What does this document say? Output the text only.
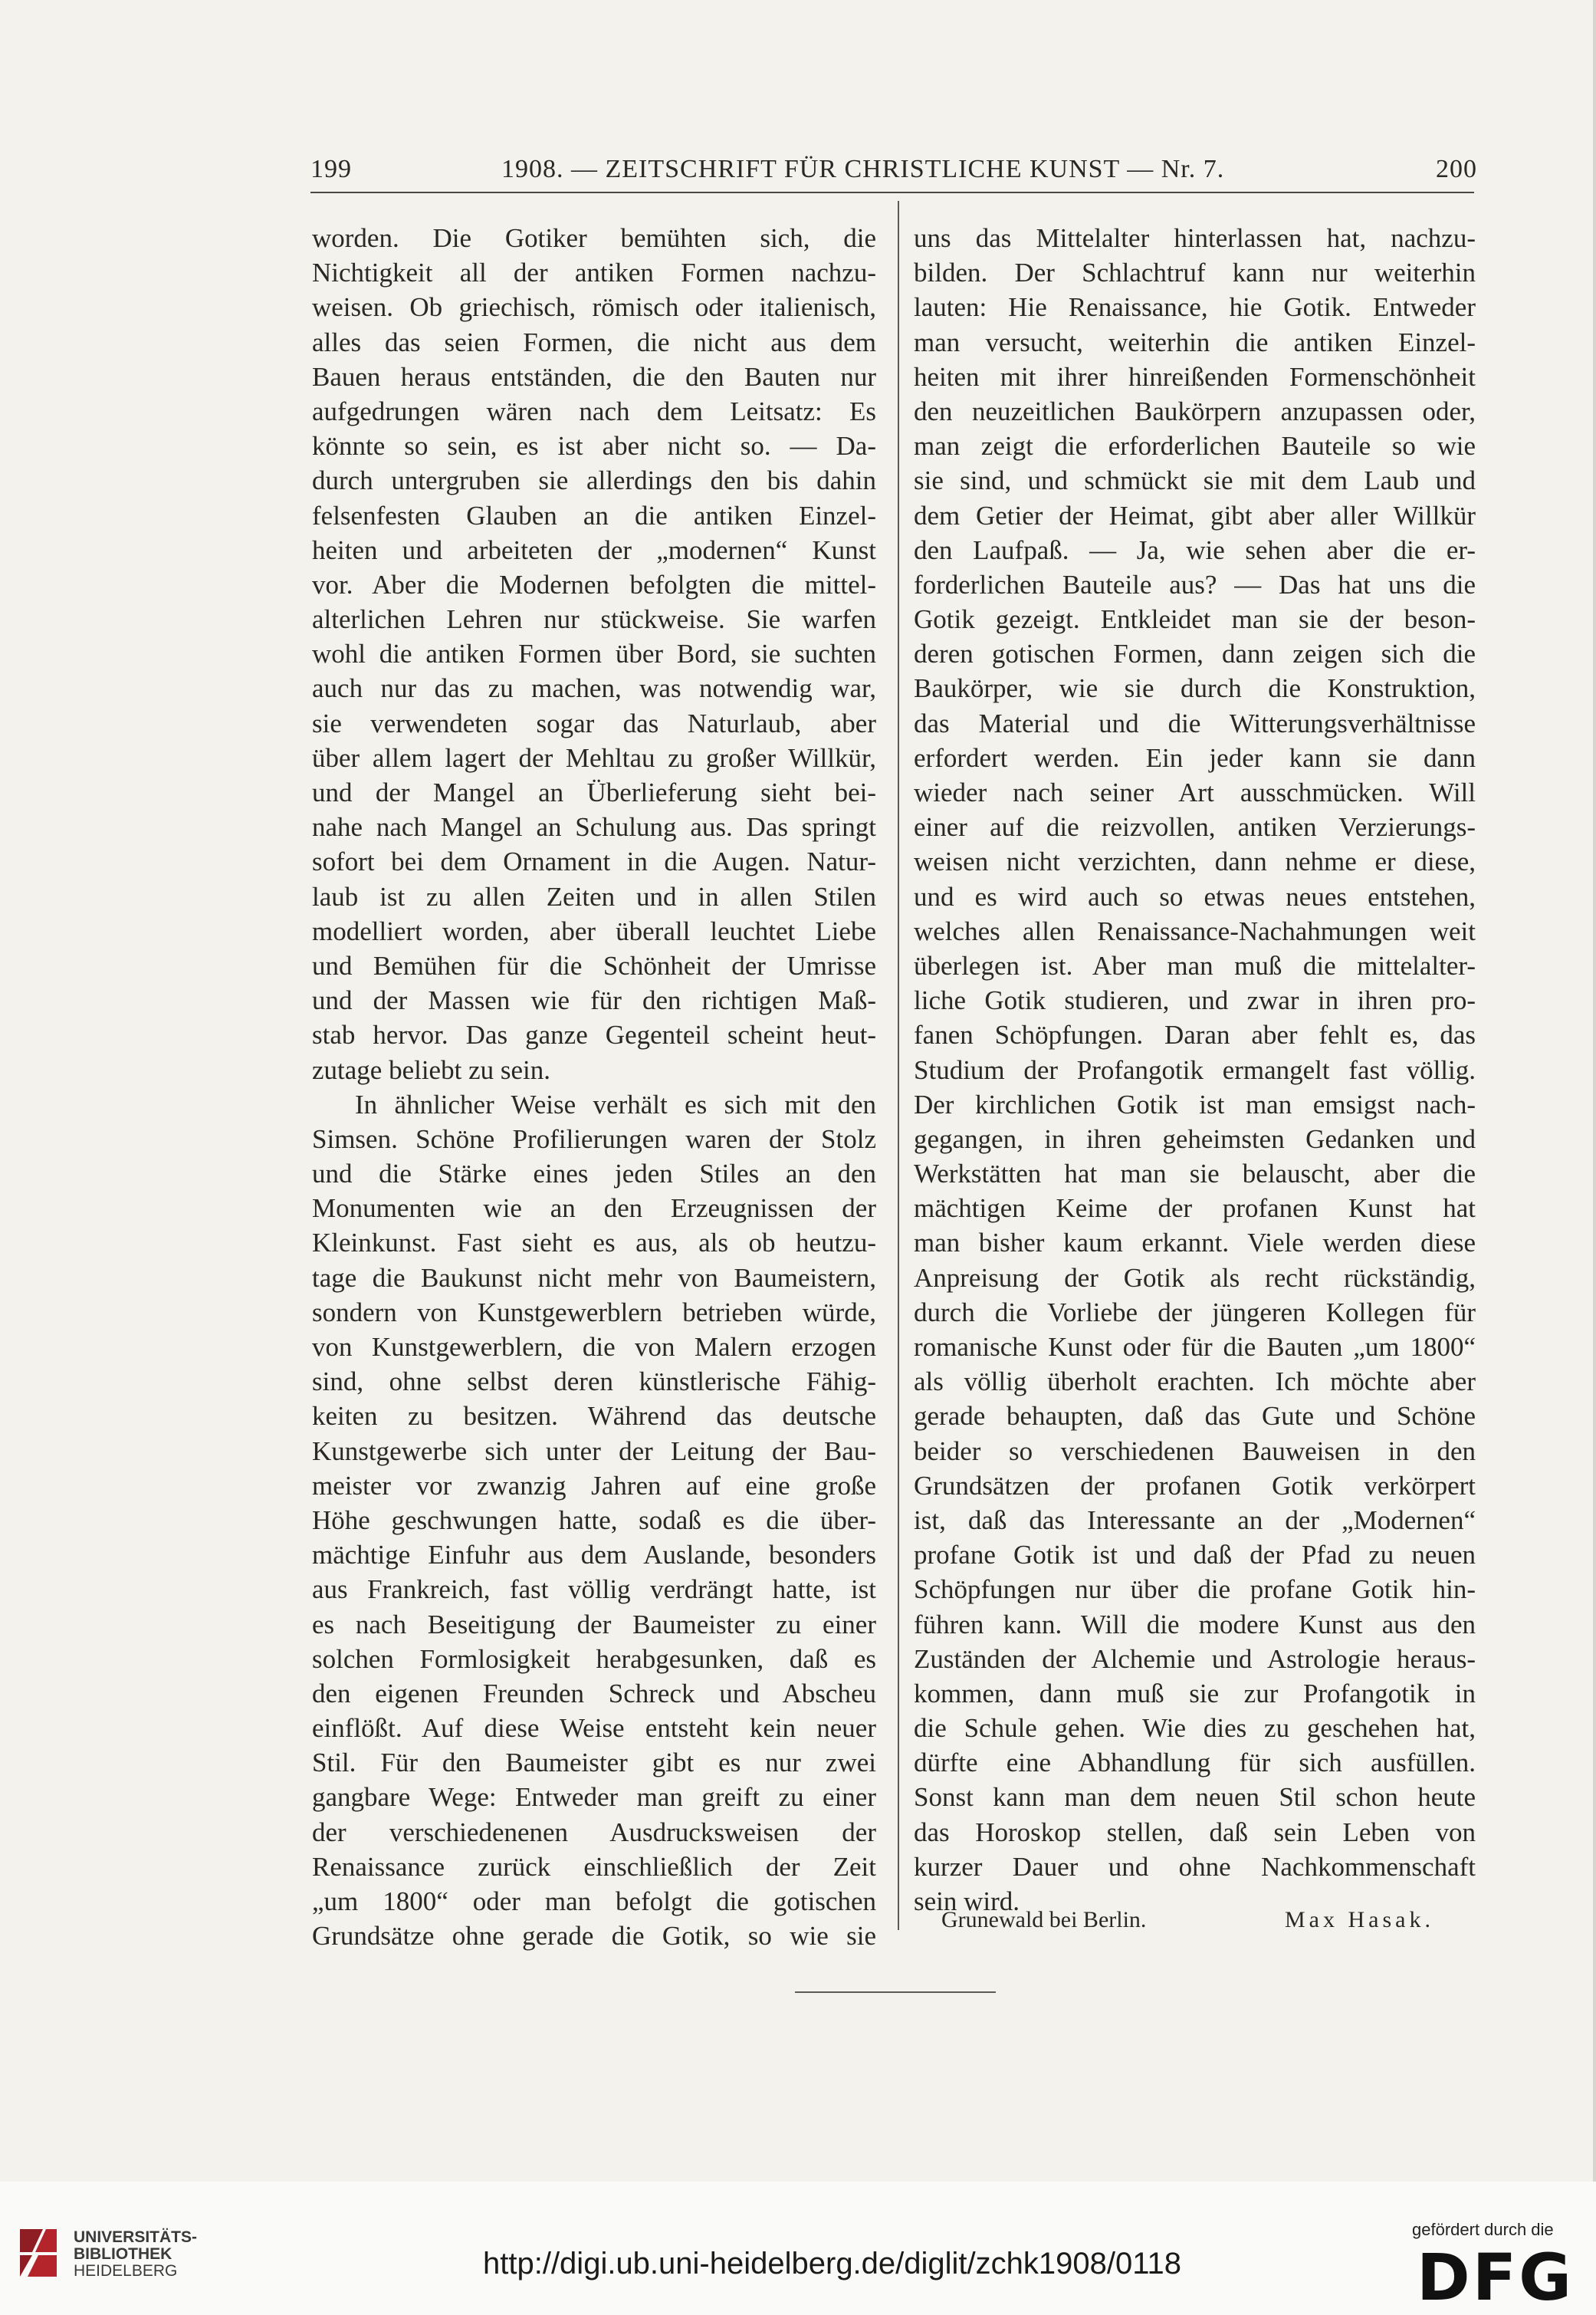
199	1908. — ZEITSCHRIFT FÜR CHRISTLICHE KUNST — Nr. 7.	200
worden. Die Gotiker bemühten sich, die
Nichtigkeit all der antiken Formen nachzu-
weisen. Ob griechisch, römisch oder italienisch,
alles das seien Formen, die nicht aus dem
Bauen heraus entständen, die den Bauten nur
aufgedrungen wären nach dem Leitsatz: Es
könnte so sein, es ist aber nicht so. — Da-
durch untergruben sie allerdings den bis dahin
felsenfesten Glauben an die antiken Einzel-
heiten und arbeiteten der „modernen“ Kunst
vor. Aber die Modernen befolgten die mittel-
alterlichen Lehren nur stückweise. Sie warfen
wohl die antiken Formen über Bord, sie suchten
auch nur das zu machen, was notwendig war,
sie verwendeten sogar das Naturlaub, aber
über allem lagert der Mehltau zu großer Willkür,
und der Mangel an Überlieferung sieht bei-
nahe nach Mangel an Schulung aus. Das springt
sofort bei dem Ornament in die Augen. Natur-
laub ist zu allen Zeiten und in allen Stilen
modelliert worden, aber überall leuchtet Liebe
und Bemühen für die Schönheit der Umrisse
und der Massen wie für den richtigen Maß-
stab hervor. Das ganze Gegenteil scheint heut-
zutage beliebt zu sein.
In ähnlicher Weise verhält es sich mit den
Simsen. Schöne Profilierungen waren der Stolz
und die Stärke eines jeden Stiles an den
Monumenten wie an den Erzeugnissen der
Kleinkunst. Fast sieht es aus, als ob heutzu-
tage die Baukunst nicht mehr von Baumeistern,
sondern von Kunstgewerblern betrieben würde,
von Kunstgewerblern, die von Malern erzogen
sind, ohne selbst deren künstlerische Fähig-
keiten zu besitzen. Während das deutsche
Kunstgewerbe sich unter der Leitung der Bau-
meister vor zwanzig Jahren auf eine große
Höhe geschwungen hatte, sodaß es die über-
mächtige Einfuhr aus dem Auslande, besonders
aus Frankreich, fast völlig verdrängt hatte, ist
es nach Beseitigung der Baumeister zu einer
solchen Formlosigkeit herabgesunken, daß es
den eigenen Freunden Schreck und Abscheu
einflößt. Auf diese Weise entsteht kein neuer
Stil. Für den Baumeister gibt es nur zwei
gangbare Wege: Entweder man greift zu einer
der verschiedenenen Ausdrucksweisen der
Renaissance zurück einschließlich der Zeit
„um 1800“ oder man befolgt die gotischen
Grundsätze ohne gerade die Gotik, so wie sie
uns das Mittelalter hinterlassen hat, nachzu-
bilden. Der Schlachtruf kann nur weiterhin
lauten: Hie Renaissance, hie Gotik. Entweder
man versucht, weiterhin die antiken Einzel-
heiten mit ihrer hinreißenden Formenschönheit
den neuzeitlichen Baukörpern anzupassen oder,
man zeigt die erforderlichen Bauteile so wie
sie sind, und schmückt sie mit dem Laub und
dem Getier der Heimat, gibt aber aller Willkür
den Laufpaß. — Ja, wie sehen aber die er-
forderlichen Bauteile aus? — Das hat uns die
Gotik gezeigt. Entkleidet man sie der beson-
deren gotischen Formen, dann zeigen sich die
Baukörper, wie sie durch die Konstruktion,
das Material und die Witterungsverhältnisse
erfordert werden. Ein jeder kann sie dann
wieder nach seiner Art ausschmücken. Will
einer auf die reizvollen, antiken Verzierungs-
weisen nicht verzichten, dann nehme er diese,
und es wird auch so etwas neues entstehen,
welches allen Renaissance-Nachahmungen weit
überlegen ist. Aber man muß die mittelalter-
liche Gotik studieren, und zwar in ihren pro-
fanen Schöpfungen. Daran aber fehlt es, das
Studium der Profangotik ermangelt fast völlig.
Der kirchlichen Gotik ist man emsigst nach-
gegangen, in ihren geheimsten Gedanken und
Werkstätten hat man sie belauscht, aber die
mächtigen Keime der profanen Kunst hat
man bisher kaum erkannt. Viele werden diese
Anpreisung der Gotik als recht rückständig,
durch die Vorliebe der jüngeren Kollegen für
romanische Kunst oder für die Bauten „um 1800“
als völlig überholt erachten. Ich möchte aber
gerade behaupten, daß das Gute und Schöne
beider so verschiedenen Bauweisen in den
Grundsätzen der profanen Gotik verkörpert
ist, daß das Interessante an der „Modernen“
profane Gotik ist und daß der Pfad zu neuen
Schöpfungen nur über die profane Gotik hin-
führen kann. Will die modere Kunst aus den
Zuständen der Alchemie und Astrologie heraus-
kommen, dann muß sie zur Profangotik in
die Schule gehen. Wie dies zu geschehen hat,
dürfte eine Abhandlung für sich ausfüllen.
Sonst kann man dem neuen Stil schon heute
das Horoskop stellen, daß sein Leben von
kurzer Dauer und ohne Nachkommenschaft
sein wird.
Grunewald bei Berlin.	Max Hasak.
UNIVERSITÄTS-
BIBLIOTHEK
HEIDELBERG	http://digi.ub.uni-heidelberg.de/diglit/zchk1908/0118
gefördert durch die
DFG
